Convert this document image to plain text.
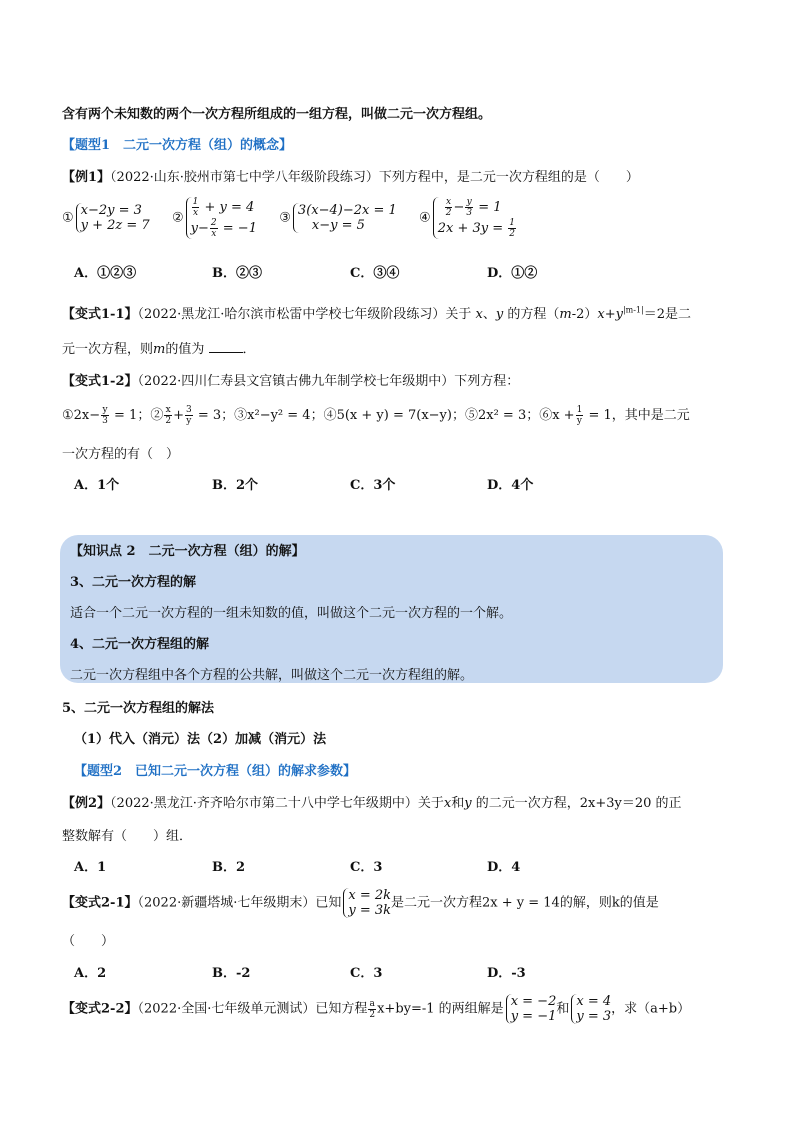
含有两个未知数的两个一次方程所组成的一组方程，叫做二元一次方程组。
【题型1　二元一次方程（组）的概念】
【例1】（2022·山东·胶州市第七中学八年级阶段练习）下列方程中，是二元一次方程组的是（　　）
① x−2y = 3
y + 2z = 7 ② $\frac{1}{x} + y = 4$
$y- \frac{2}{x} = -1$
③ 3(x−4)−2x = 1
x−y = 5	④ $\frac{x}{2} - \frac{y}{3} = 1$
$2x + 3y = \frac{1}{2}$
A．①②③	B．②③	C．③④	D．①②
【变式1-1】（2022·黑龙江·哈尔滨市松雷中学校七年级阶段练习）关于 x、y 的方程$(m-2)x+y^{|m-1|}=2$是二
元一次方程，则m的值为	．
【变式1-2】（2022·四川仁寿县文宫镇古佛九年制学校七年级期中）下列方程：
①2x− $\frac{y}{3} = 1$；② $\frac{x}{2} + \frac{3}{y} = 3$；③x²−y² = 4；④5(x + y) = 7(x−y)；⑤2x² = 3；⑥x + $\frac{1}{y} = 1$，其中是二元
一次方程的有（　）
A．1个	B．2个	C．3个	D．4个
【知识点 2　二元一次方程（组）的解】
3、二元一次方程的解
适合一个二元一次方程的一组未知数的值，叫做这个二元一次方程的一个解。
4、二元一次方程组的解
二元一次方程组中各个方程的公共解，叫做这个二元一次方程组的解。
5、二元一次方程组的解法
（1）代入（消元）法（2）加减（消元）法
【题型2　已知二元一次方程（组）的解求参数】
【例2】（2022·黑龙江·齐齐哈尔市第二十八中学七年级期中）关于x和y 的二元一次方程，2x+3y＝20 的正
整数解有（　　）组．
A．1	B．2	C．3	D．4
【变式2-1】（2022·新疆塔城·七年级期末）已知 x = 2k
y = 3k 是二元一次方程2x + y = 14的解，则k的值是
（　　）
A．2	B．-2	C．3	D．-3
【变式2-2】（2022·全国·七年级单元测试）已知方程 $\frac{a}{2} x+by=-1$ 的两组解是 x = −2
y = −1 和 x = 4
y = 3 ，求（a+b）
